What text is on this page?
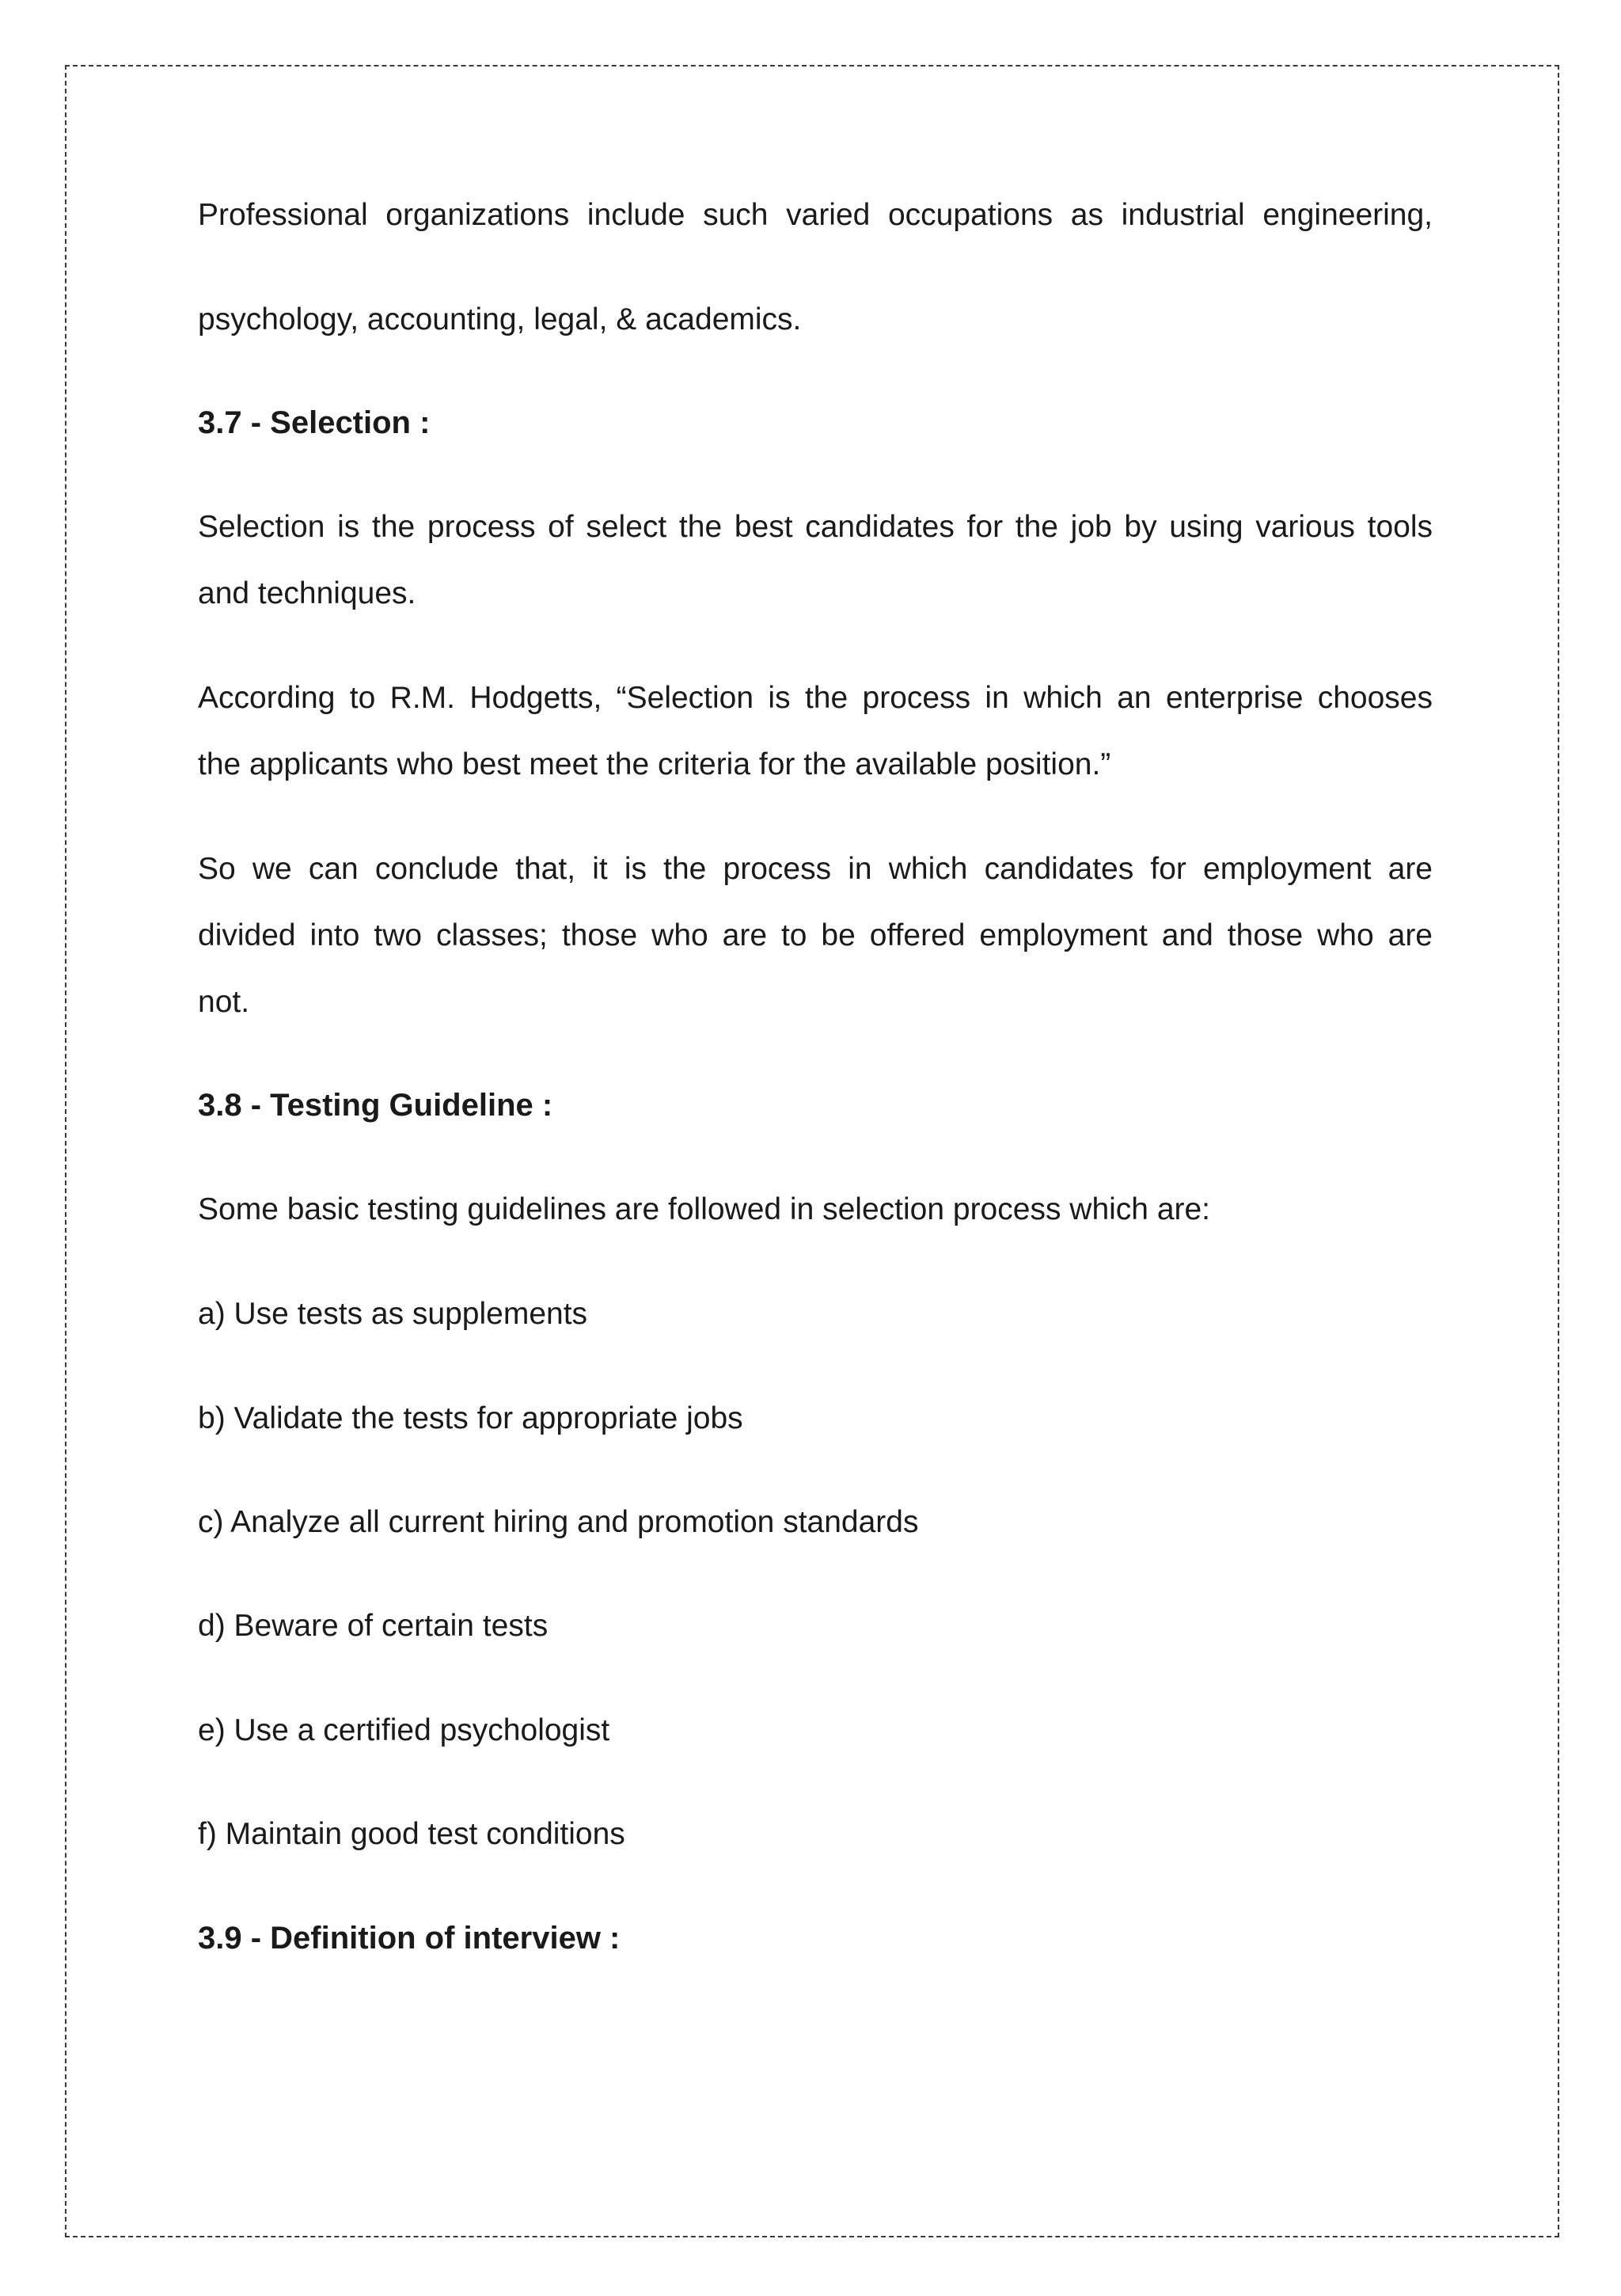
Professional organizations include such varied occupations as industrial engineering,
psychology, accounting, legal, & academics.
3.7 - Selection :
Selection is the process of select the best candidates for the job by using various tools
and techniques.
According to R.M. Hodgetts, “Selection is the process in which an enterprise chooses
the applicants who best meet the criteria for the available position.”
So we can conclude that, it is the process in which candidates for employment are
divided into two classes; those who are to be offered employment and those who are
not.
3.8 - Testing Guideline :
Some basic testing guidelines are followed in selection process which are:
a) Use tests as supplements
b) Validate the tests for appropriate jobs
c) Analyze all current hiring and promotion standards
d) Beware of certain tests
e) Use a certified psychologist
f) Maintain good test conditions
3.9 - Definition of interview :
